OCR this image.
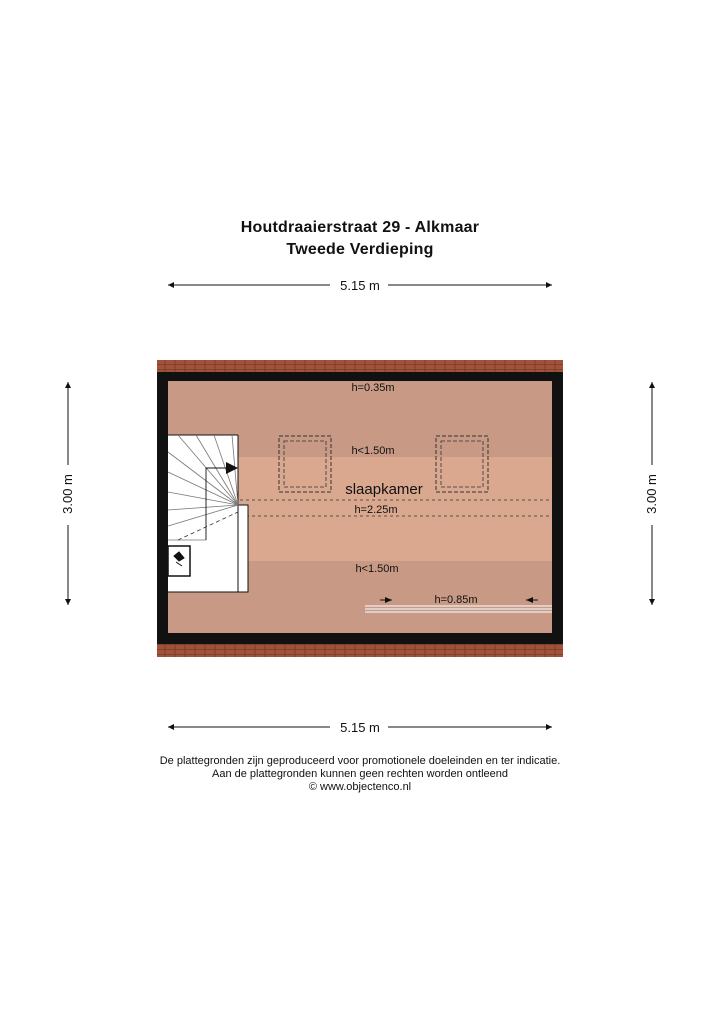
Houtdraaierstraat 29 - Alkmaar
Tweede Verdieping
5.15 m
5.15 m
3.00 m	3.00 m
h=0.35m
h<1.50m
slaapkamer
h=2.25m
h<1.50m
h=0.85m
De plattegronden zijn geproduceerd voor promotionele doeleinden en ter indicatie.
Aan de plattegronden kunnen geen rechten worden ontleend
© www.objectenco.nl
